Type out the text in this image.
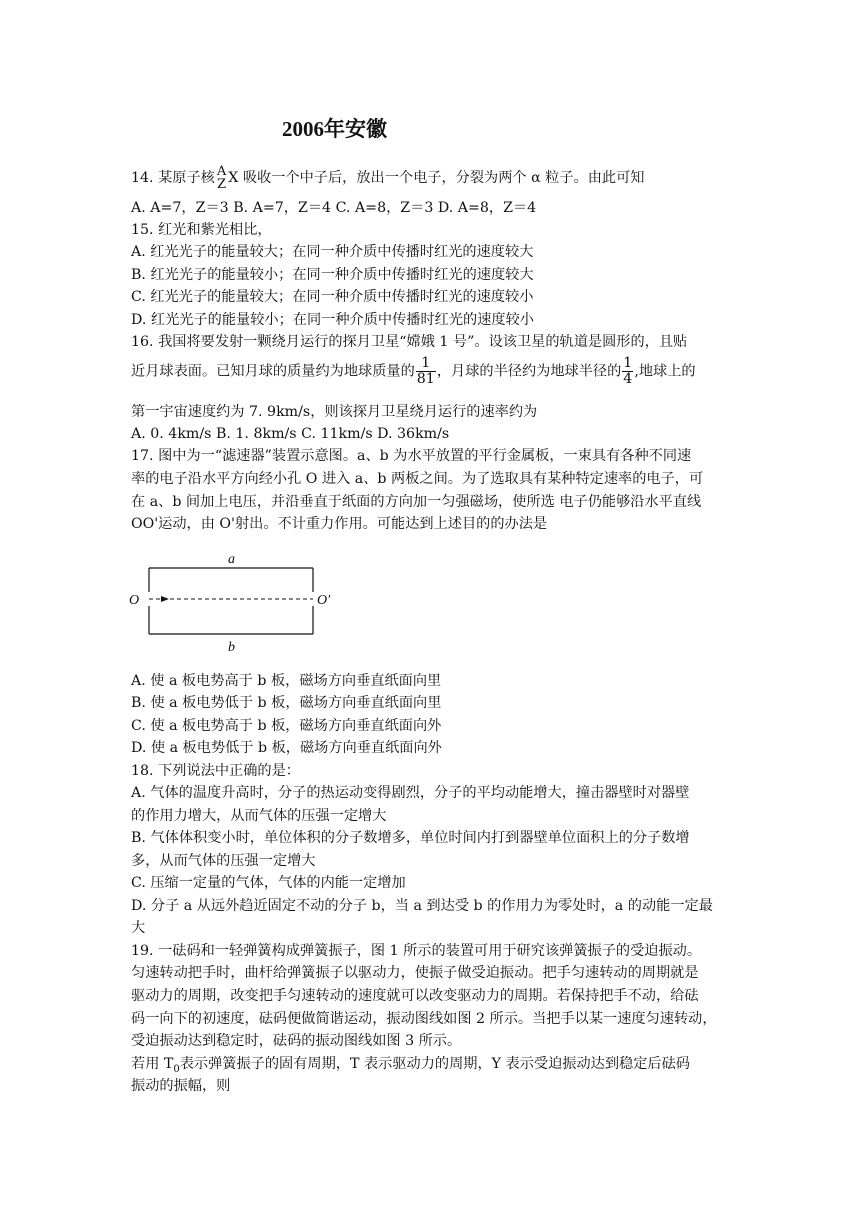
2006年安徽
14. 某原子核 A
Z X 吸收一个中子后，放出一个电子，分裂为两个 α 粒子。由此可知
A. A=7，Z＝3 B. A=7，Z＝4 C. A=8，Z＝3 D. A=8，Z＝4
15. 红光和紫光相比，
A. 红光光子的能量较大；在同一种介质中传播时红光的速度较大
B. 红光光子的能量较小；在同一种介质中传播时红光的速度较大
C. 红光光子的能量较大；在同一种介质中传播时红光的速度较小
D. 红光光子的能量较小；在同一种介质中传播时红光的速度较小
16. 我国将要发射一颗绕月运行的探月卫星“嫦娥 1 号”。设该卫星的轨道是圆形的，且贴
近月球表面。已知月球的质量约为地球质量的 $\frac{1}{81}$ ，月球的半径约为地球半径的 $\frac{1}{4}$ ,地球上的
第一宇宙速度约为 7. 9km/s，则该探月卫星绕月运行的速率约为
A. 0. 4km/s B. 1. 8km/s C. 11km/s D. 36km/s
17. 图中为一“滤速器”装置示意图。a、b 为水平放置的平行金属板，一束具有各种不同速
率的电子沿水平方向经小孔 O 进入 a、b 两板之间。为了选取具有某种特定速率的电子，可
在 a、b 间加上电压，并沿垂直于纸面的方向加一匀强磁场，使所选 电子仍能够沿水平直线
OO'运动，由 O'射出。不计重力作用。可能达到上述目的的办法是
a
O	O′
b
A. 使 a 板电势高于 b 板，磁场方向垂直纸面向里
B. 使 a 板电势低于 b 板，磁场方向垂直纸面向里
C. 使 a 板电势高于 b 板，磁场方向垂直纸面向外
D. 使 a 板电势低于 b 板，磁场方向垂直纸面向外
18. 下列说法中正确的是：
A. 气体的温度升高时，分子的热运动变得剧烈，分子的平均动能增大，撞击器壁时对器壁
的作用力增大，从而气体的压强一定增大
B. 气体体积变小时，单位体积的分子数增多，单位时间内打到器壁单位面积上的分子数增
多，从而气体的压强一定增大
C. 压缩一定量的气体，气体的内能一定增加
D. 分子 a 从远外趋近固定不动的分子 b，当 a 到达受 b 的作用力为零处时，a 的动能一定最
大
19. 一砝码和一轻弹簧构成弹簧振子，图 1 所示的装置可用于研究该弹簧振子的受迫振动。
匀速转动把手时，曲杆给弹簧振子以驱动力，使振子做受迫振动。把手匀速转动的周期就是
驱动力的周期，改变把手匀速转动的速度就可以改变驱动力的周期。若保持把手不动，给砝
码一向下的初速度，砝码便做简谐运动，振动图线如图 2 所示。当把手以某一速度匀速转动，
受迫振动达到稳定时，砝码的振动图线如图 3 所示。
若用 $T_0$表示弹簧振子的固有周期，T 表示驱动力的周期，Y 表示受迫振动达到稳定后砝码
振动的振幅，则
